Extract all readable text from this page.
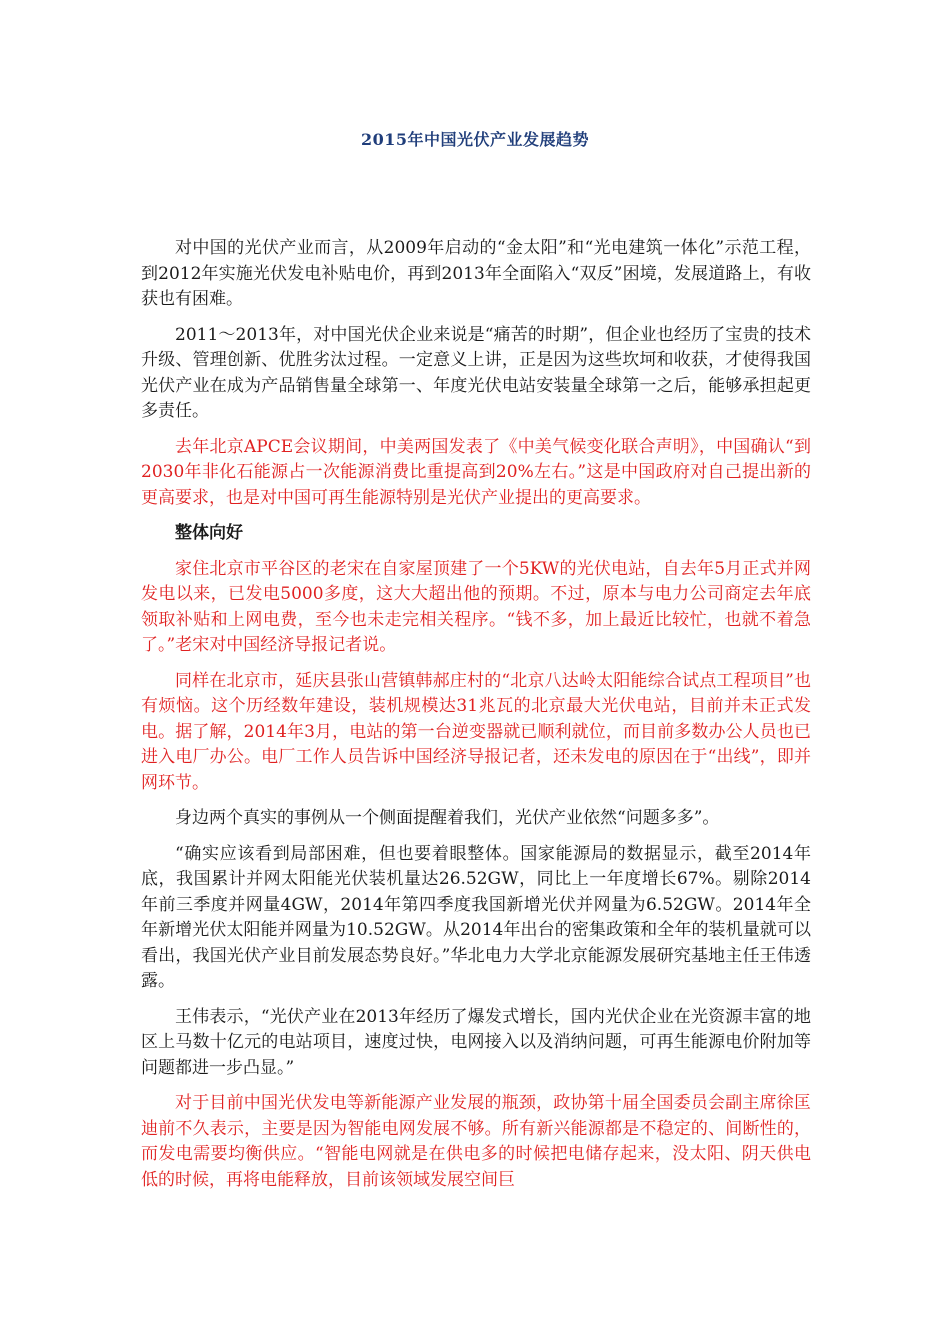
2015年中国光伏产业发展趋势

对中国的光伏产业而言，从2009年启动的“金太阳”和“光电建筑一体化”示范工程，到2012年实施光伏发电补贴电价，再到2013年全面陷入“双反”困境，发展道路上，有收获也有困难。

2011～2013年，对中国光伏企业来说是“痛苦的时期”，但企业也经历了宝贵的技术升级、管理创新、优胜劣汰过程。一定意义上讲，正是因为这些坎坷和收获，才使得我国光伏产业在成为产品销售量全球第一、年度光伏电站安装量全球第一之后，能够承担起更多责任。

去年北京APCE会议期间，中美两国发表了《中美气候变化联合声明》，中国确认“到2030年非化石能源占一次能源消费比重提高到20%左右。”这是中国政府对自己提出新的更高要求，也是对中国可再生能源特别是光伏产业提出的更高要求。

整体向好

家住北京市平谷区的老宋在自家屋顶建了一个5KW的光伏电站，自去年5月正式并网发电以来，已发电5000多度，这大大超出他的预期。不过，原本与电力公司商定去年底领取补贴和上网电费，至今也未走完相关程序。“钱不多，加上最近比较忙，也就不着急了。”老宋对中国经济导报记者说。

同样在北京市，延庆县张山营镇韩郝庄村的“北京八达岭太阳能综合试点工程项目”也有烦恼。这个历经数年建设，装机规模达31兆瓦的北京最大光伏电站，目前并未正式发电。据了解，2014年3月，电站的第一台逆变器就已顺利就位，而目前多数办公人员也已进入电厂办公。电厂工作人员告诉中国经济导报记者，还未发电的原因在于“出线”，即并网环节。

身边两个真实的事例从一个侧面提醒着我们，光伏产业依然“问题多多”。

“确实应该看到局部困难，但也要着眼整体。国家能源局的数据显示，截至2014年底，我国累计并网太阳能光伏装机量达26.52GW，同比上一年度增长67%。剔除2014年前三季度并网量4GW，2014年第四季度我国新增光伏并网量为6.52GW。2014年全年新增光伏太阳能并网量为10.52GW。从2014年出台的密集政策和全年的装机量就可以看出，我国光伏产业目前发展态势良好。”华北电力大学北京能源发展研究基地主任王伟透露。

王伟表示，“光伏产业在2013年经历了爆发式增长，国内光伏企业在光资源丰富的地区上马数十亿元的电站项目，速度过快，电网接入以及消纳问题，可再生能源电价附加等问题都进一步凸显。”

对于目前中国光伏发电等新能源产业发展的瓶颈，政协第十届全国委员会副主席徐匡迪前不久表示，主要是因为智能电网发展不够。所有新兴能源都是不稳定的、间断性的，而发电需要均衡供应。“智能电网就是在供电多的时候把电储存起来，没太阳、阴天供电低的时候，再将电能释放，目前该领域发展空间巨
